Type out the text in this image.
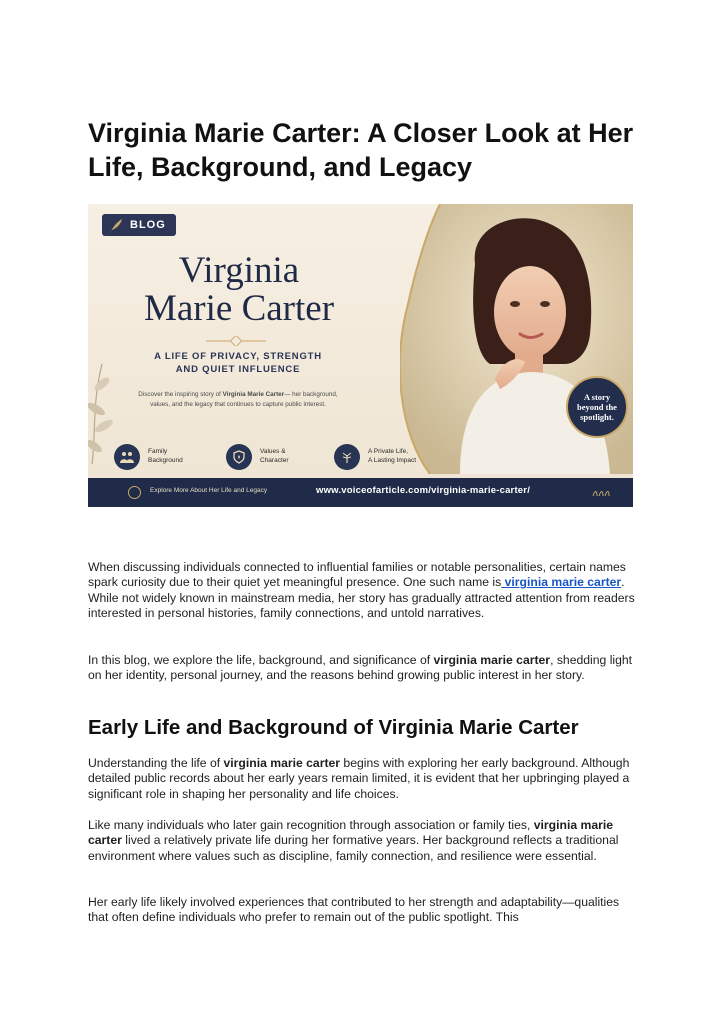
Virginia Marie Carter: A Closer Look at Her Life, Background, and Legacy
BLOG
Virginia
Marie Carter
A LIFE OF PRIVACY, STRENGTH
AND QUIET INFLUENCE
Discover the inspiring story of Virginia Marie Carter— her background, values, and the legacy that continues to capture public interest.
Family
Background
Values &
Character
A Private Life,
A Lasting Impact
A story
beyond the
spotlight.
Explore More About Her Life and Legacy	www.voiceofarticle.com/virginia-marie-carter/

When discussing individuals connected to influential families or notable personalities, certain names spark curiosity due to their quiet yet meaningful presence. One such name is virginia marie carter. While not widely known in mainstream media, her story has gradually attracted attention from readers interested in personal histories, family connections, and untold narratives.

In this blog, we explore the life, background, and significance of virginia marie carter, shedding light on her identity, personal journey, and the reasons behind growing public interest in her story.

Early Life and Background of Virginia Marie Carter

Understanding the life of virginia marie carter begins with exploring her early background. Although detailed public records about her early years remain limited, it is evident that her upbringing played a significant role in shaping her personality and life choices.

Like many individuals who later gain recognition through association or family ties, virginia marie carter lived a relatively private life during her formative years. Her background reflects a traditional environment where values such as discipline, family connection, and resilience were essential.

Her early life likely involved experiences that contributed to her strength and adaptability—qualities that often define individuals who prefer to remain out of the public spotlight. This
